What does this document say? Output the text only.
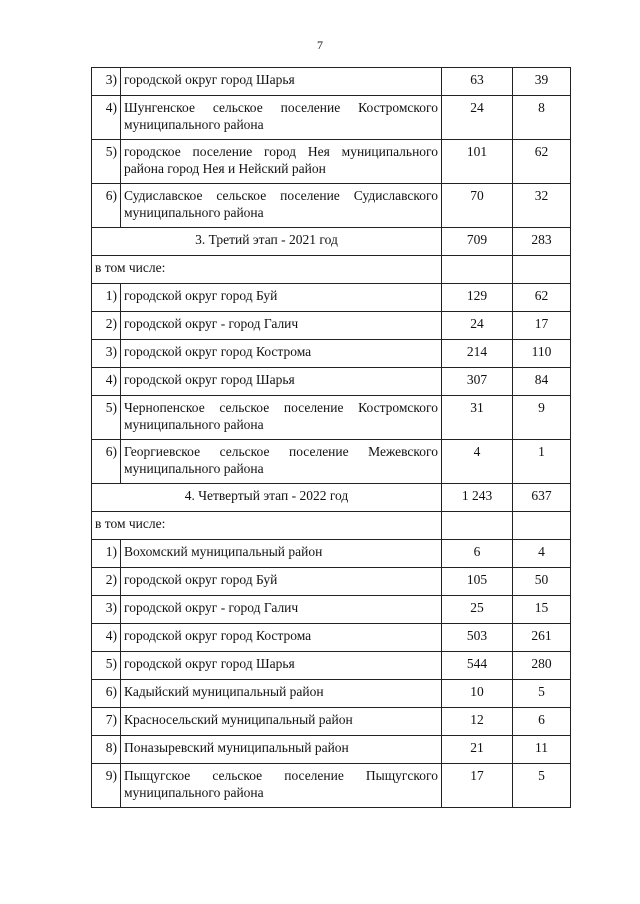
7
3)	городской округ город Шарья	63	39
4)	Шунгенское сельское поселение Костромского муниципального района	24	8
5)	городское поселение город Нея муниципального района город Нея и Нейский район	101	62
6)	Судиславское сельское поселение Судиславского муниципального района	70	32
3. Третий этап - 2021 год		709	283
в том числе:			
1)	городской округ город Буй	129	62
2)	городской округ - город Галич	24	17
3)	городской округ город Кострома	214	110
4)	городской округ город Шарья	307	84
5)	Чернопенское сельское поселение Костромского муниципального района	31	9
6)	Георгиевское сельское поселение Межевского муниципального района	4	1
4. Четвертый этап - 2022 год		1 243	637
в том числе:			
1)	Вохомский муниципальный район	6	4
2)	городской округ город Буй	105	50
3)	городской округ - город Галич	25	15
4)	городской округ город Кострома	503	261
5)	городской округ город Шарья	544	280
6)	Кадыйский муниципальный район	10	5
7)	Красносельский муниципальный район	12	6
8)	Поназыревский муниципальный район	21	11
9)	Пыщугское сельское поселение Пыщугского муниципального района	17	5
